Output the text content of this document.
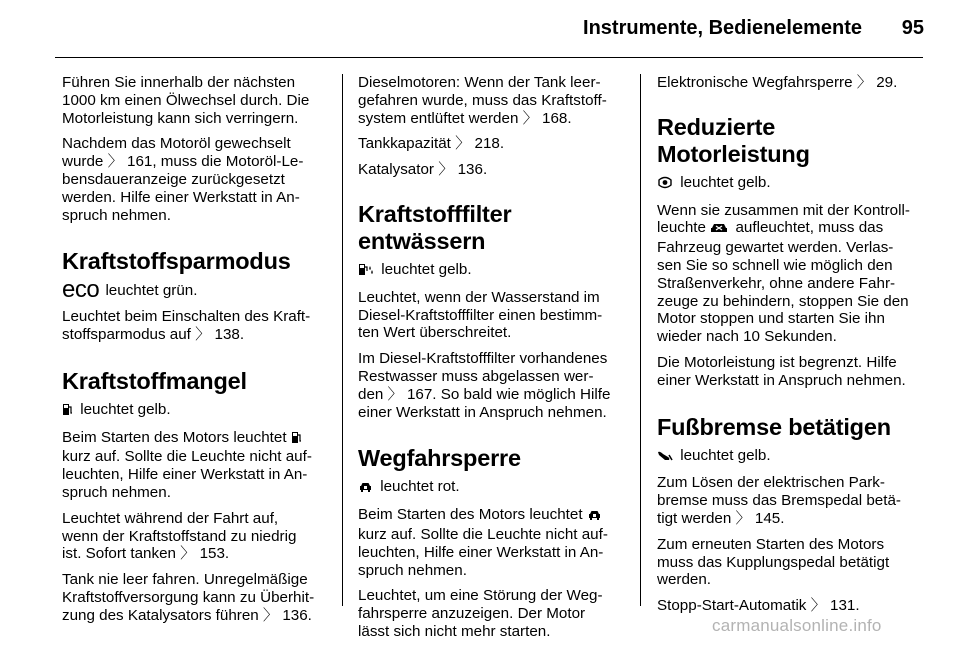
Instrumente, Bedienelemente 95

Führen Sie innerhalb der nächsten
1000 km einen Ölwechsel durch. Die
Motorleistung kann sich verringern.

Nachdem das Motoröl gewechselt
wurde 〉 161, muss die Motoröl-Le-
bensdaueranzeige zurückgesetzt
werden. Hilfe einer Werkstatt in An-
spruch nehmen.

Kraftstoffsparmodus

eco leuchtet grün.

Leuchtet beim Einschalten des Kraft-
stoffsparmodus auf 〉 138.

Kraftstoffmangel

leuchtet gelb.

Beim Starten des Motors leuchtet
kurz auf. Sollte die Leuchte nicht auf-
leuchten, Hilfe einer Werkstatt in An-
spruch nehmen.

Leuchtet während der Fahrt auf,
wenn der Kraftstoffstand zu niedrig
ist. Sofort tanken 〉 153.

Tank nie leer fahren. Unregelmäßige
Kraftstoffversorgung kann zu Überhit-
zung des Katalysators führen 〉 136.

Dieselmotoren: Wenn der Tank leer-
gefahren wurde, muss das Kraftstoff-
system entlüftet werden 〉 168.

Tankkapazität 〉 218.

Katalysator 〉 136.

Kraftstofffilter entwässern

leuchtet gelb.

Leuchtet, wenn der Wasserstand im
Diesel-Kraftstofffilter einen bestimm-
ten Wert überschreitet.

Im Diesel-Kraftstofffilter vorhandenes
Restwasser muss abgelassen wer-
den 〉 167. So bald wie möglich Hilfe
einer Werkstatt in Anspruch nehmen.

Wegfahrsperre

leuchtet rot.

Beim Starten des Motors leuchtet
kurz auf. Sollte die Leuchte nicht auf-
leuchten, Hilfe einer Werkstatt in An-
spruch nehmen.

Leuchtet, um eine Störung der Weg-
fahrsperre anzuzeigen. Der Motor
lässt sich nicht mehr starten.

Elektronische Wegfahrsperre 〉 29.

Reduzierte Motorleistung

leuchtet gelb.

Wenn sie zusammen mit der Kontroll-
leuchte aufleuchtet, muss das
Fahrzeug gewartet werden. Verlas-
sen Sie so schnell wie möglich den
Straßenverkehr, ohne andere Fahr-
zeuge zu behindern, stoppen Sie den
Motor stoppen und starten Sie ihn
wieder nach 10 Sekunden.

Die Motorleistung ist begrenzt. Hilfe
einer Werkstatt in Anspruch nehmen.

Fußbremse betätigen

leuchtet gelb.

Zum Lösen der elektrischen Park-
bremse muss das Bremspedal betä-
tigt werden 〉 145.

Zum erneuten Starten des Motors
muss das Kupplungspedal betätigt
werden.

Stopp-Start-Automatik 〉 131.

carmanualsonline.info
